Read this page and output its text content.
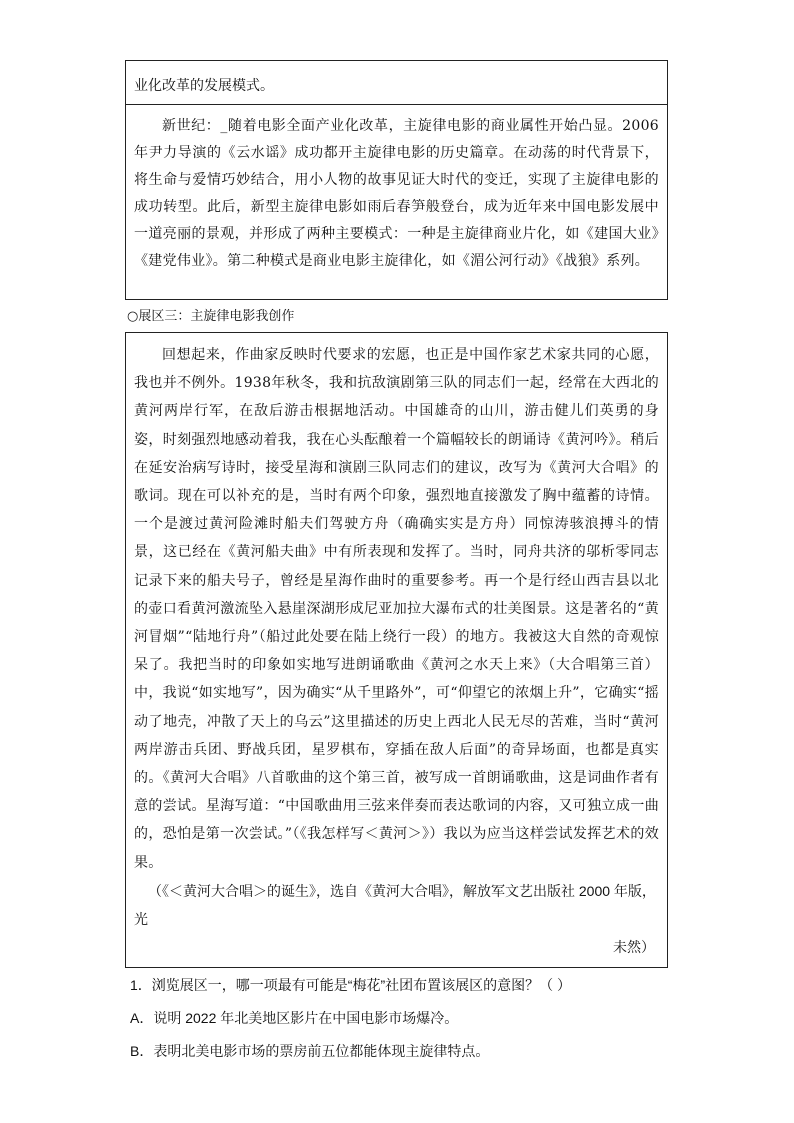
业化改革的发展模式。
新世纪：_随着电影全面产业化改革，主旋律电影的商业属性开始凸显。2006年尹力导演的《云水谣》成功都开主旋律电影的历史篇章。在动荡的时代背景下，将生命与爱情巧妙结合，用小人物的故事见证大时代的变迁，实现了主旋律电影的成功转型。此后，新型主旋律电影如雨后春笋般登台，成为近年来中国电影发展中一道亮丽的景观，并形成了两种主要模式：一种是主旋律商业片化，如《建国大业》《建党伟业》。第二种模式是商业电影主旋律化，如《湄公河行动》《战狼》系列。
○展区三：主旋律电影我创作
回想起来，作曲家反映时代要求的宏愿，也正是中国作家艺术家共同的心愿，我也并不例外。1938年秋冬，我和抗敌演剧第三队的同志们一起，经常在大西北的黄河两岸行军，在敌后游击根据地活动。中国雄奇的山川，游击健儿们英勇的身姿，时刻强烈地感动着我，我在心头酝酿着一个篇幅较长的朗诵诗《黄河吟》。稍后在延安治病写诗时，接受星海和演剧三队同志们的建议，改写为《黄河大合唱》的歌词。现在可以补充的是，当时有两个印象，强烈地直接激发了胸中蕴蓄的诗情。一个是渡过黄河险滩时船夫们驾驶方舟（确确实实是方舟）同惊涛骇浪搏斗的情景，这已经在《黄河船夫曲》中有所表现和发挥了。当时，同舟共济的邬析零同志记录下来的船夫号子，曾经是星海作曲时的重要参考。再一个是行经山西吉县以北的壶口看黄河激流坠入悬崖深湖形成尼亚加拉大瀑布式的壮美图景。这是著名的“黄河冒烟”“陆地行舟”（船过此处要在陆上绕行一段）的地方。我被这大自然的奇观惊呆了。我把当时的印象如实地写进朗诵歌曲《黄河之水天上来》（大合唱第三首）中，我说“如实地写”，因为确实“从千里路外”，可“仰望它的浓烟上升”，它确实“摇动了地壳，冲散了天上的乌云”这里描述的历史上西北人民无尽的苦难，当时“黄河两岸游击兵团、野战兵团，星罗棋布，穿插在敌人后面”的奇异场面，也都是真实的。《黄河大合唱》八首歌曲的这个第三首，被写成一首朗诵歌曲，这是词曲作者有意的尝试。星海写道：“中国歌曲用三弦来伴奏而表达歌词的内容，又可独立成一曲的，恐怕是第一次尝试。”（《我怎样写＜黄河＞》）我以为应当这样尝试发挥艺术的效果。
（《＜黄河大合唱＞的诞生》，选自《黄河大合唱》，解放军文艺出版社 2000 年版，光
未然）
1．浏览展区一，哪一项最有可能是“梅花”社团布置该展区的意图？（ ）
A．说明 2022 年北美地区影片在中国电影市场爆冷。
B．表明北美电影市场的票房前五位都能体现主旋律特点。
